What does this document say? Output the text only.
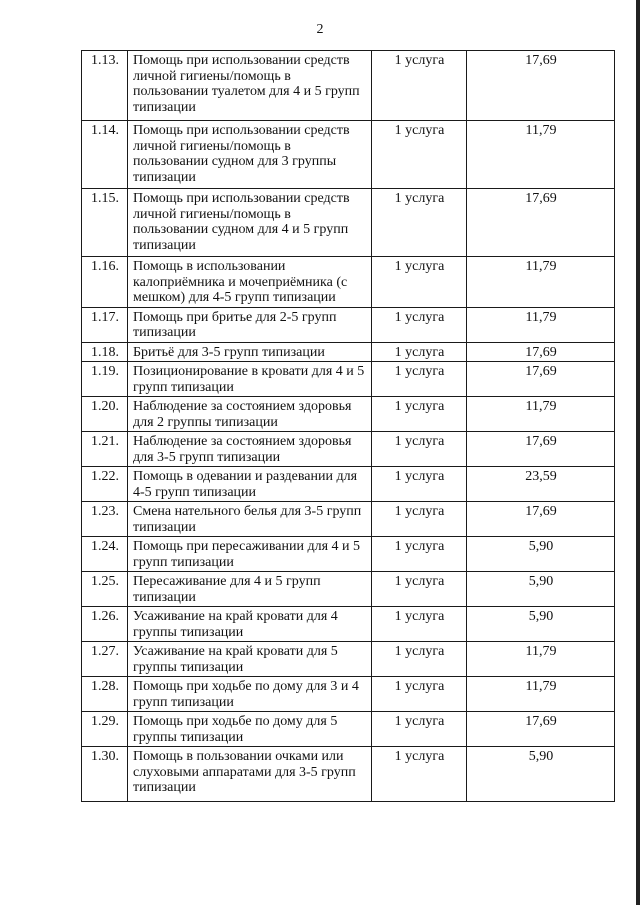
2
1.13.	Помощь при использовании средств личной гигиены/помощь в пользовании туалетом для 4 и 5 групп типизации	1 услуга	17,69
1.14.	Помощь при использовании средств личной гигиены/помощь в пользовании судном для 3 группы типизации	1 услуга	11,79
1.15.	Помощь при использовании средств личной гигиены/помощь в пользовании судном для 4 и 5 групп типизации	1 услуга	17,69
1.16.	Помощь в использовании калоприёмника и мочеприёмника (с мешком) для 4-5 групп типизации	1 услуга	11,79
1.17.	Помощь при бритье для 2-5 групп типизации	1 услуга	11,79
1.18.	Бритьё для 3-5 групп типизации	1 услуга	17,69
1.19.	Позиционирование в кровати для 4 и 5 групп типизации	1 услуга	17,69
1.20.	Наблюдение за состоянием здоровья для 2 группы типизации	1 услуга	11,79
1.21.	Наблюдение за состоянием здоровья для 3-5 групп типизации	1 услуга	17,69
1.22.	Помощь в одевании и раздевании для 4-5 групп типизации	1 услуга	23,59
1.23.	Смена нательного белья для 3-5 групп типизации	1 услуга	17,69
1.24.	Помощь при пересаживании для 4 и 5 групп типизации	1 услуга	5,90
1.25.	Пересаживание для 4 и 5 групп типизации	1 услуга	5,90
1.26.	Усаживание на край кровати для 4 группы типизации	1 услуга	5,90
1.27.	Усаживание на край кровати для 5 группы типизации	1 услуга	11,79
1.28.	Помощь при ходьбе по дому для 3 и 4 групп типизации	1 услуга	11,79
1.29.	Помощь при ходьбе по дому для 5 группы типизации	1 услуга	17,69
1.30.	Помощь в пользовании очками или слуховыми аппаратами для 3-5 групп типизации	1 услуга	5,90
